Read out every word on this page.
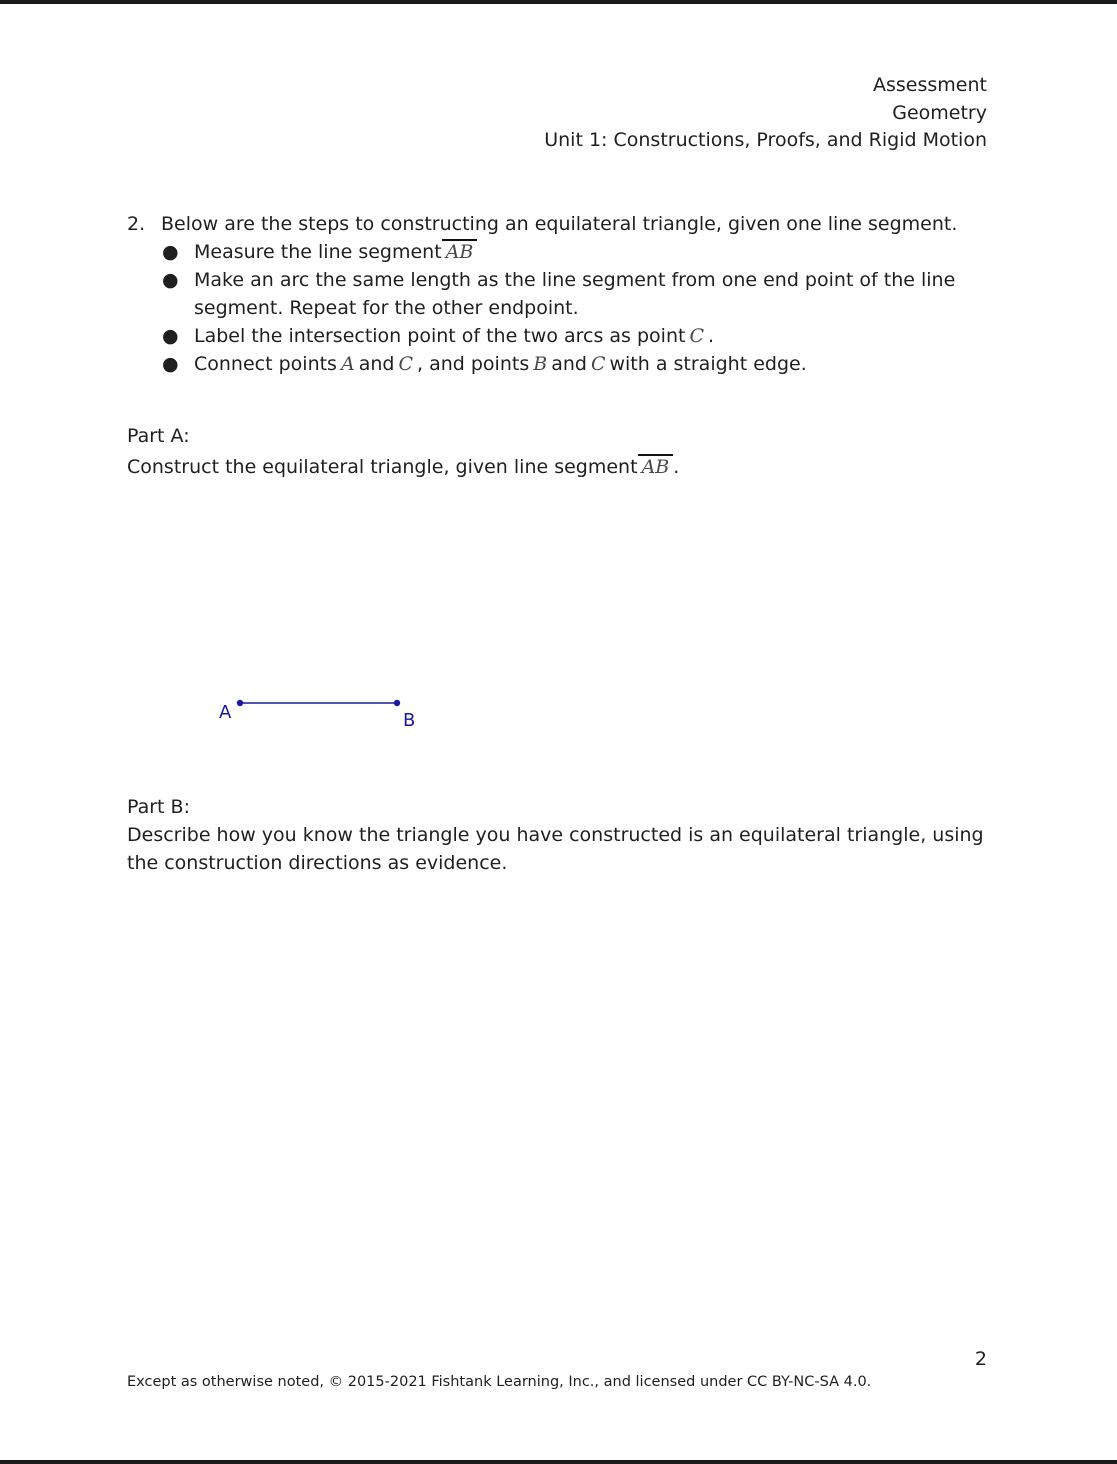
Assessment
Geometry
Unit 1: Constructions, Proofs, and Rigid Motion
2. Below are the steps to constructing an equilateral triangle, given one line segment.
● Measure the line segment AB
● Make an arc the same length as the line segment from one end point of the line segment. Repeat for the other endpoint.
● Label the intersection point of the two arcs as point C .
● Connect points A and C , and points B and C with a straight edge.
Part A:
Construct the equilateral triangle, given line segment AB .
A	B
Part B:
Describe how you know the triangle you have constructed is an equilateral triangle, using the construction directions as evidence.
2
Except as otherwise noted, © 2015-2021 Fishtank Learning, Inc., and licensed under CC BY-NC-SA 4.0.
